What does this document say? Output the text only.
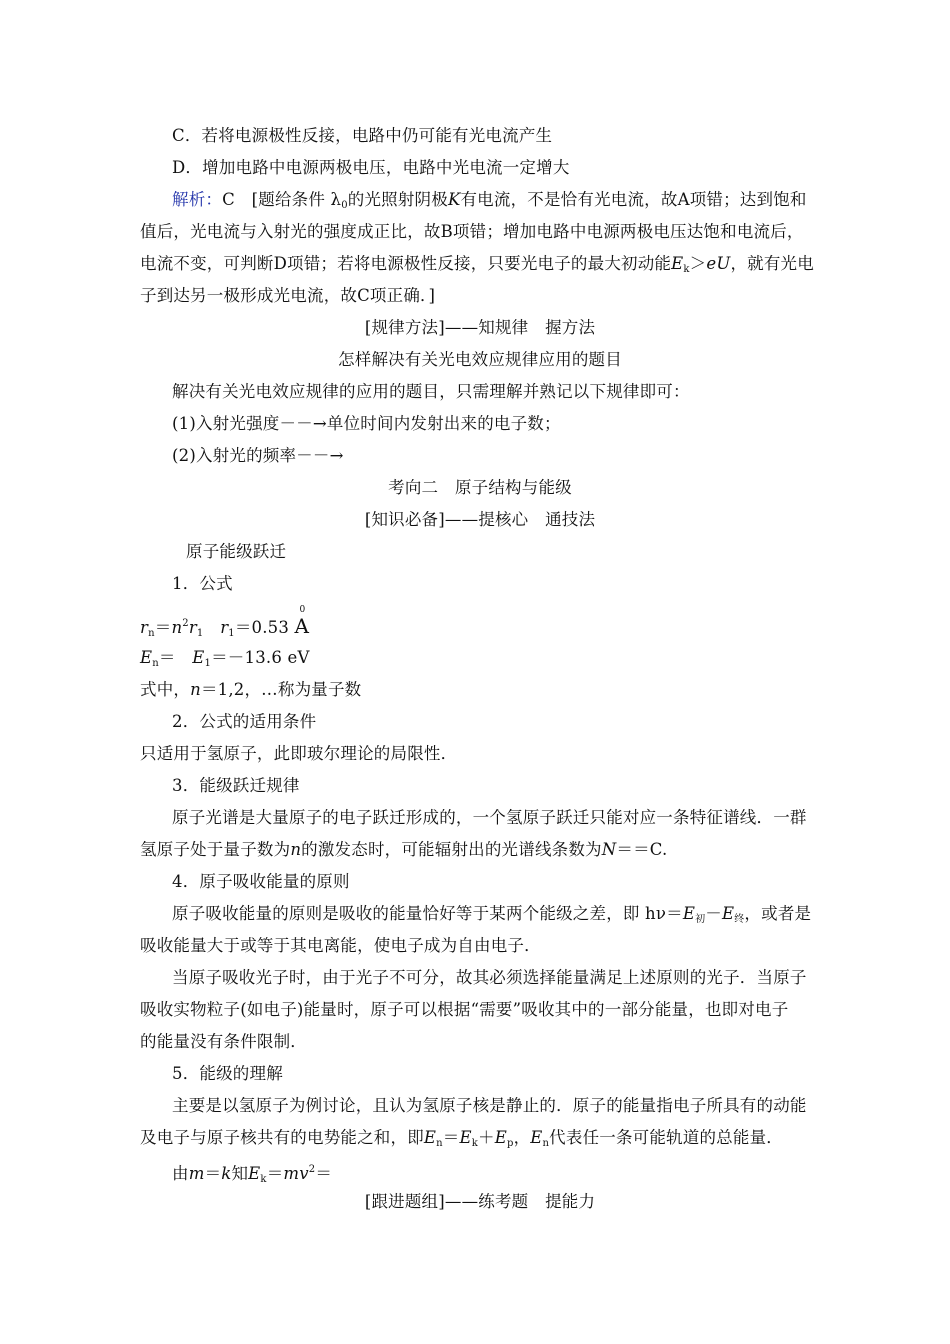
C．若将电源极性反接，电路中仍可能有光电流产生
D．增加电路中电源两极电压，电路中光电流一定增大
解析：C　[题给条件 $\lambda_0$的光照射阴极K有电流，不是恰有光电流，故A项错；达到饱和
值后，光电流与入射光的强度成正比，故B项错；增加电路中电源两极电压达饱和电流后，
电流不变，可判断D项错；若将电源极性反接，只要光电子的最大初动能$E_k>eU$，就有光电
子到达另一极形成光电流，故C项正确．]
[规律方法]——知规律　握方法
怎样解决有关光电效应规律应用的题目
解决有关光电效应规律的应用的题目，只需理解并熟记以下规律即可：
(1)入射光强度－－→单位时间内发射出来的电子数；
(2)入射光的频率－－→
考向二　原子结构与能级
[知识必备]——提核心　通技法
原子能级跃迁
1．公式
$r_n=n^2r_1$　 $r_1=0.53$
0
A
$E_n=$　$E_1=-13.6$ eV
式中，n＝1,2，…称为量子数
2．公式的适用条件
只适用于氢原子，此即玻尔理论的局限性．
3．能级跃迁规律
原子光谱是大量原子的电子跃迁形成的，一个氢原子跃迁只能对应一条特征谱线．一群
氢原子处于量子数为n的激发态时，可能辐射出的光谱线条数为N＝＝C.
4．原子吸收能量的原则
原子吸收能量的原则是吸收的能量恰好等于某两个能级之差，即 $h\nu=E_初-E_终$，或者是
吸收能量大于或等于其电离能，使电子成为自由电子．
当原子吸收光子时，由于光子不可分，故其必须选择能量满足上述原则的光子．当原子
吸收实物粒子(如电子)能量时，原子可以根据“需要”吸收其中的一部分能量，也即对电子
的能量没有条件限制．
5．能级的理解
主要是以氢原子为例讨论，且认为氢原子核是静止的．原子的能量指电子所具有的动能
及电子与原子核共有的电势能之和，即$E_n=E_k+E_p$，$E_n$代表任一条可能轨道的总能量．
由m＝k知$E_k=mv^2=$
[跟进题组]——练考题　提能力
